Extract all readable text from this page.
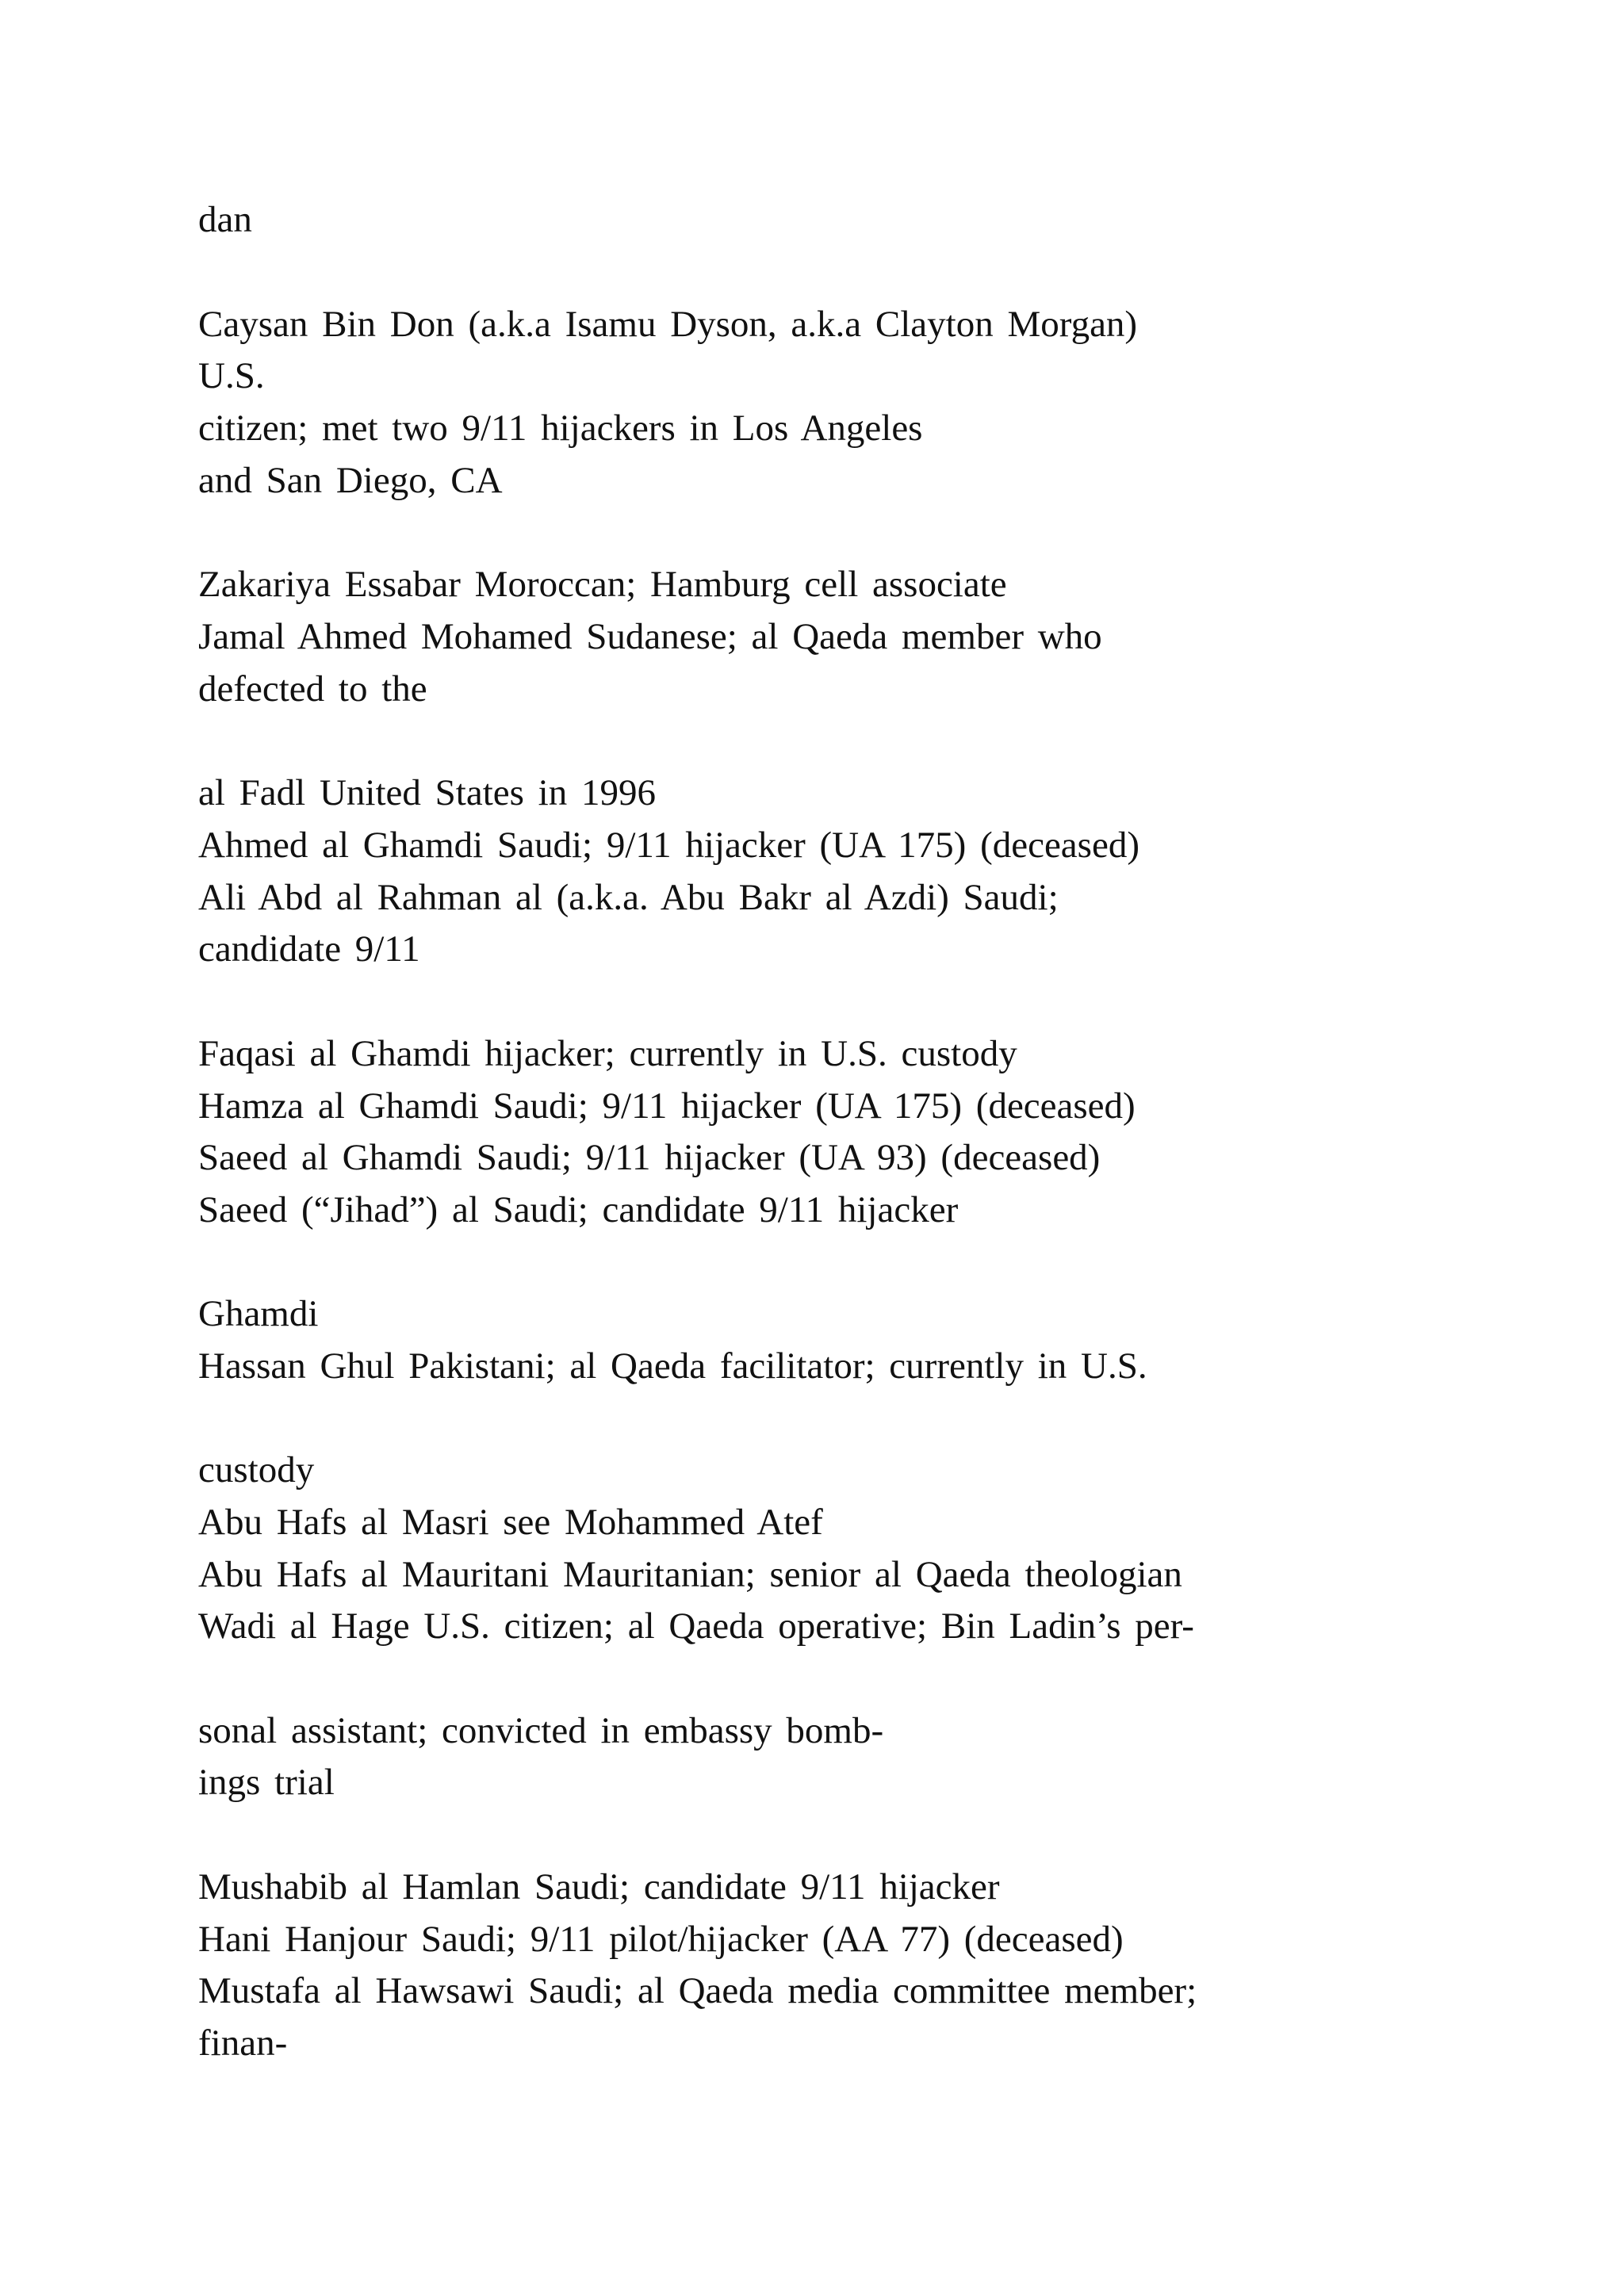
dan

Caysan Bin Don (a.k.a Isamu Dyson, a.k.a Clayton Morgan)

U.S.

citizen; met two 9/11 hijackers in Los Angeles

and San Diego, CA

Zakariya Essabar Moroccan; Hamburg cell associate

Jamal Ahmed Mohamed Sudanese; al Qaeda member who

defected to the

al Fadl United States in 1996

Ahmed al Ghamdi Saudi; 9/11 hijacker (UA 175) (deceased)

Ali Abd al Rahman al (a.k.a. Abu Bakr al Azdi) Saudi;

candidate 9/11

Faqasi al Ghamdi hijacker; currently in U.S. custody

Hamza al Ghamdi Saudi; 9/11 hijacker (UA 175) (deceased)

Saeed al Ghamdi Saudi; 9/11 hijacker (UA 93) (deceased)

Saeed (“Jihad”) al Saudi; candidate 9/11 hijacker

Ghamdi

Hassan Ghul Pakistani; al Qaeda facilitator; currently in U.S.

custody

Abu Hafs al Masri see Mohammed Atef

Abu Hafs al Mauritani Mauritanian; senior al Qaeda theologian

Wadi al Hage U.S. citizen; al Qaeda operative; Bin Ladin’s per-

sonal assistant; convicted in embassy bomb-

ings trial

Mushabib al Hamlan Saudi; candidate 9/11 hijacker

Hani Hanjour Saudi; 9/11 pilot/hijacker (AA 77) (deceased)

Mustafa al Hawsawi Saudi; al Qaeda media committee member;

finan-
